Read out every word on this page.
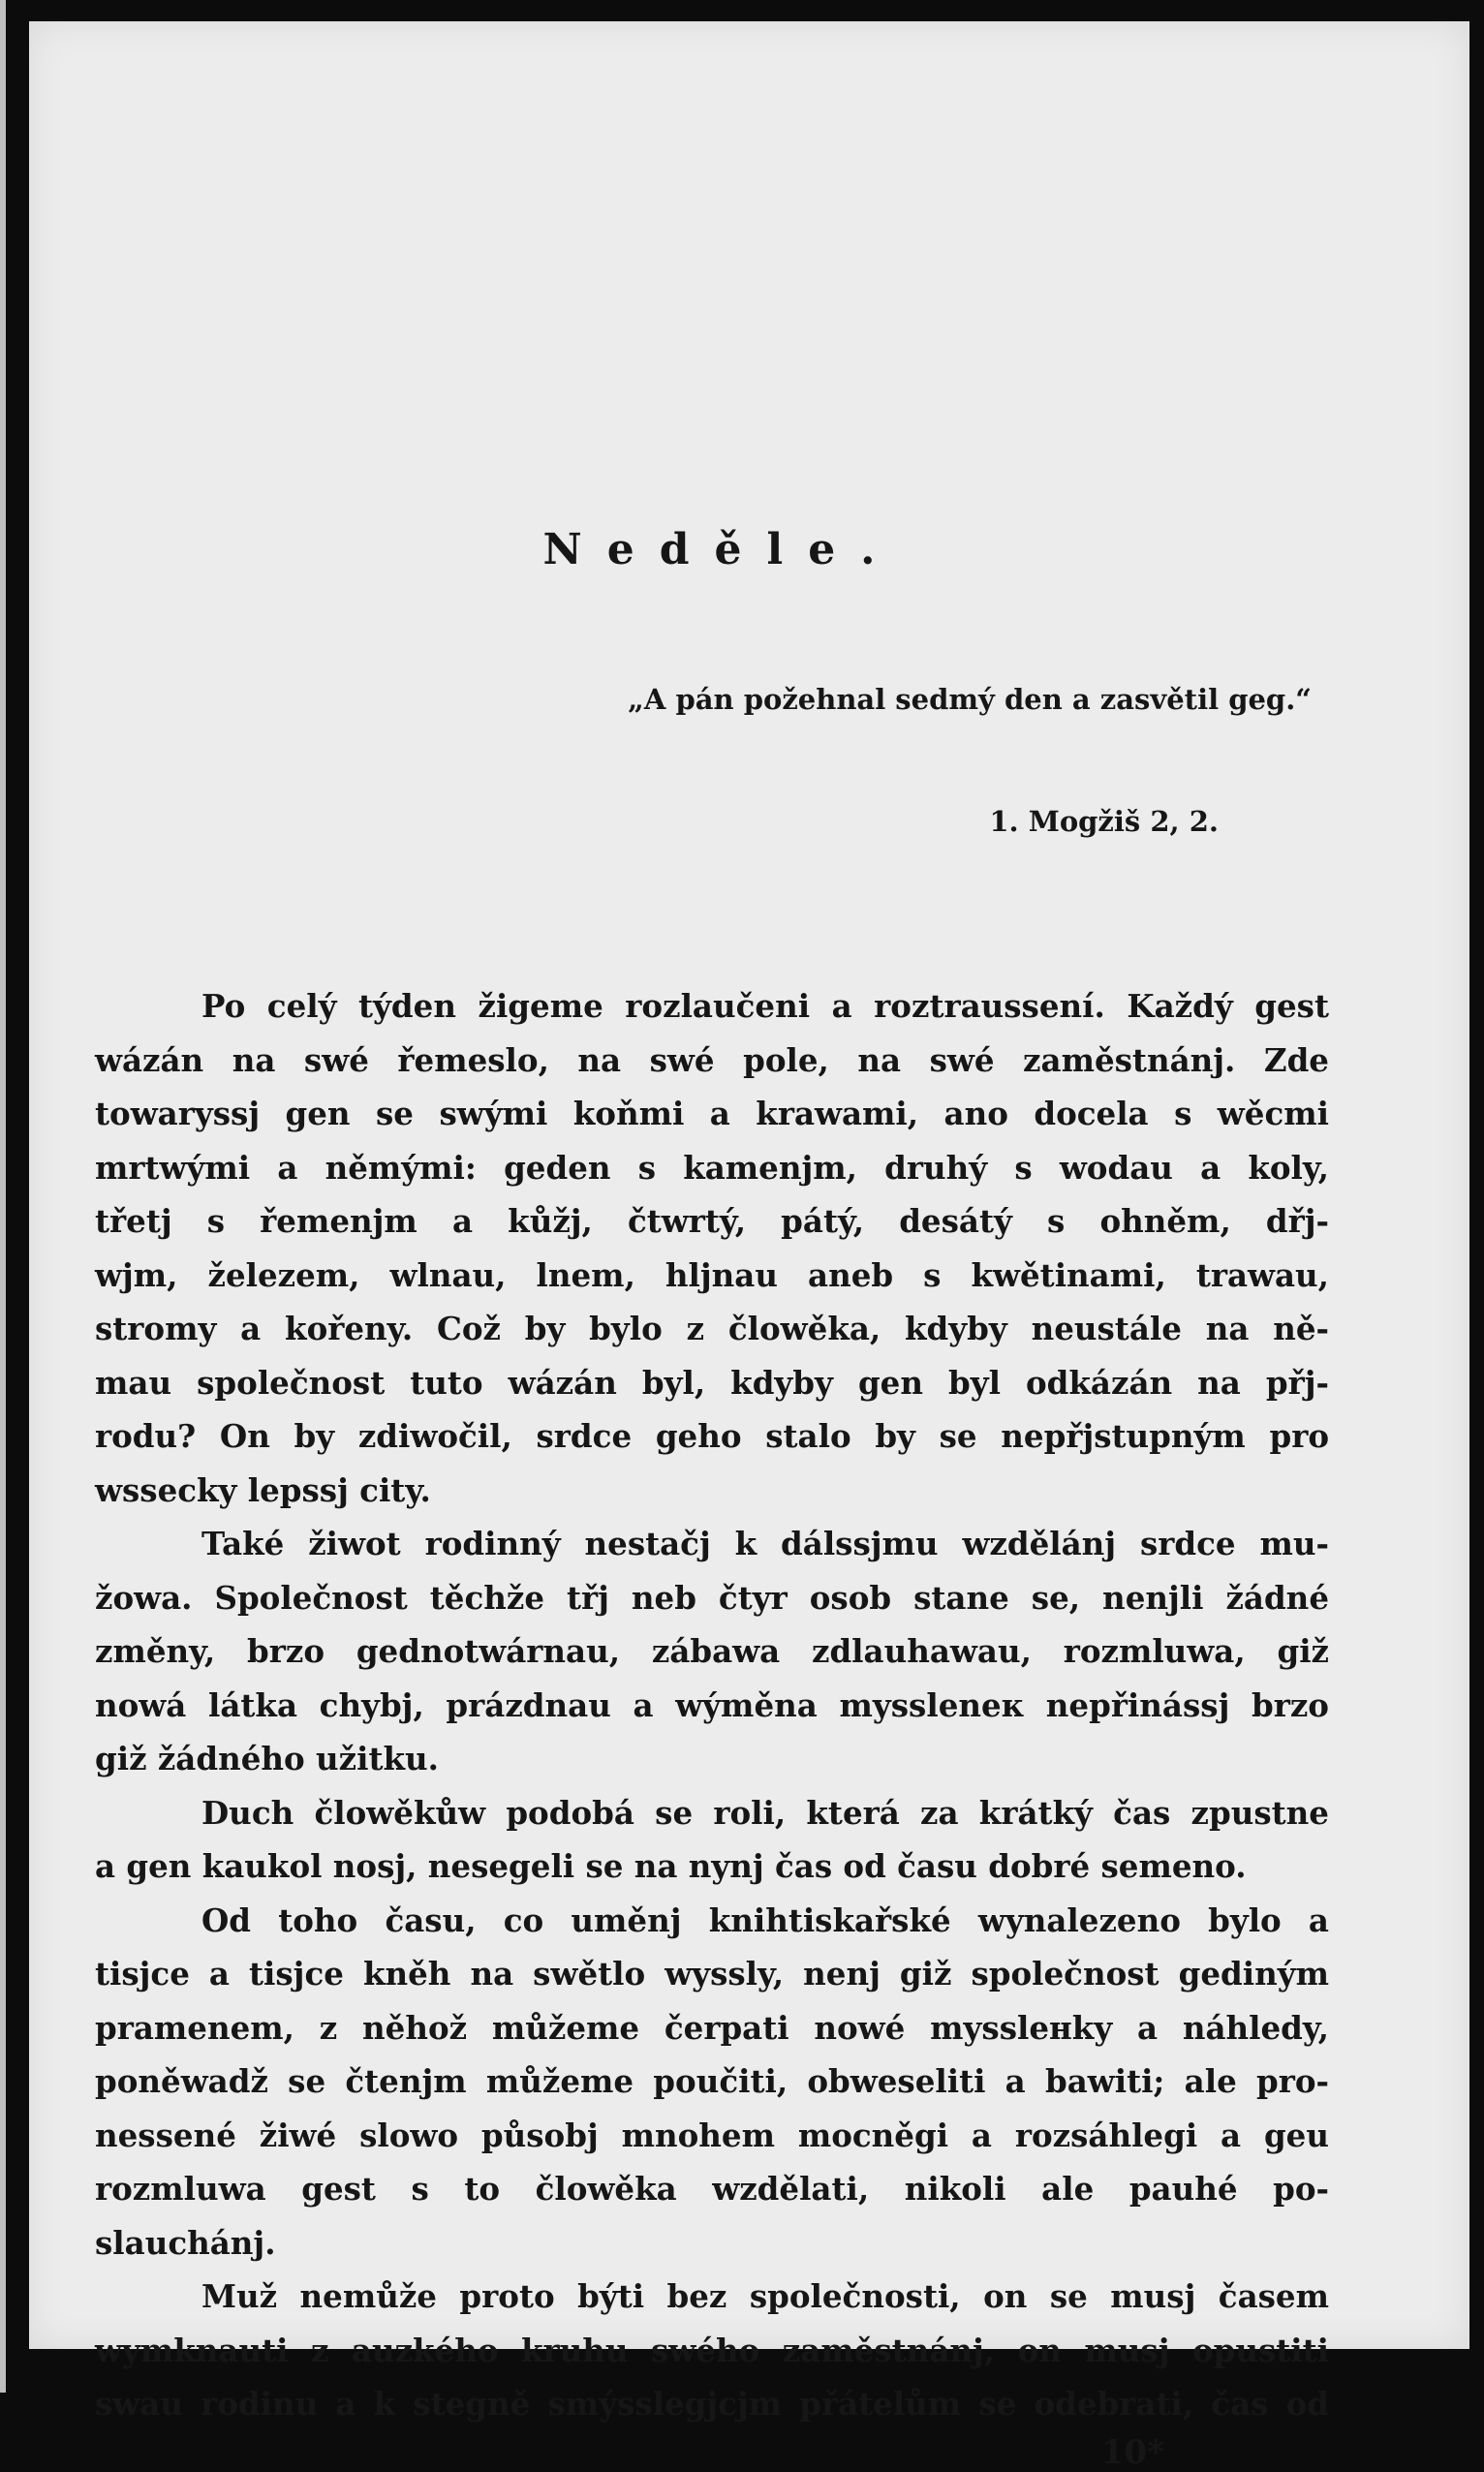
Neděle.

„A pán požehnal sedmý den a zasvětil geg.“

1. Mogžiš 2, 2.

Po celý týden žigeme rozlaučeni a roztraussení. Každý gest
wázán na swé řemeslo, na swé pole, na swé zaměstnánj. Zde
towaryssj gen se swými koňmi a krawami, ano docela s wěcmi
mrtwými a němými: geden s kamenjm, druhý s wodau a koly,
třetj s řemenjm a kůžj, čtwrtý, pátý, desátý s ohněm, dřj-
wjm, železem, wlnau, lnem, hljnau aneb s kwětinami, trawau,
stromy a kořeny. Což by bylo z člowěka, kdyby neustále na ně-
mau společnost tuto wázán byl, kdyby gen byl odkázán na přj-
rodu? On by zdiwočil, srdce geho stalo by se nepřjstupným pro
wssecky lepssj city.

Také žiwot rodinný nestačj k dálssjmu wzdělánj srdce mu-
žowa. Společnost těchže třj neb čtyr osob stane se, nenjli žádné
změny, brzo gednotwárnau, zábawa zdlauhawau, rozmluwa, giž
nowá látka chybj, prázdnau a wýměna myssleneк nepřinássj brzo
giž žádného užitku.

Duch člowěkůw podobá se roli, která za krátký čas zpustne
a gen kaukol nosj, nesegeli se na nynj čas od času dobré semeno.

Od toho času, co uměnj knihtiskařské wynalezeno bylo a
tisjce a tisjce kněh na swětlo wyssly, nenj giž společnost gediným
pramenem, z něhož můžeme čerpati nowé myssleнky a náhledy,
poněwadž se čtenjm můžeme poučiti, obweseliti a bawiti; ale pro-
nessené žiwé slowo působj mnohem mocněgi a rozsáhlegi a geu
rozmluwa gest s to člowěka wzdělati, nikoli ale pauhé po-
slauchánj.

Muž nemůže proto býti bez společnosti, on se musj časem
wymknauti z auzkého kruhu swého zaměstnánj, on musj opustiti
swau rodinu a k stegně smýsslegjcjm přátelům se odebrati, čas od

10*
